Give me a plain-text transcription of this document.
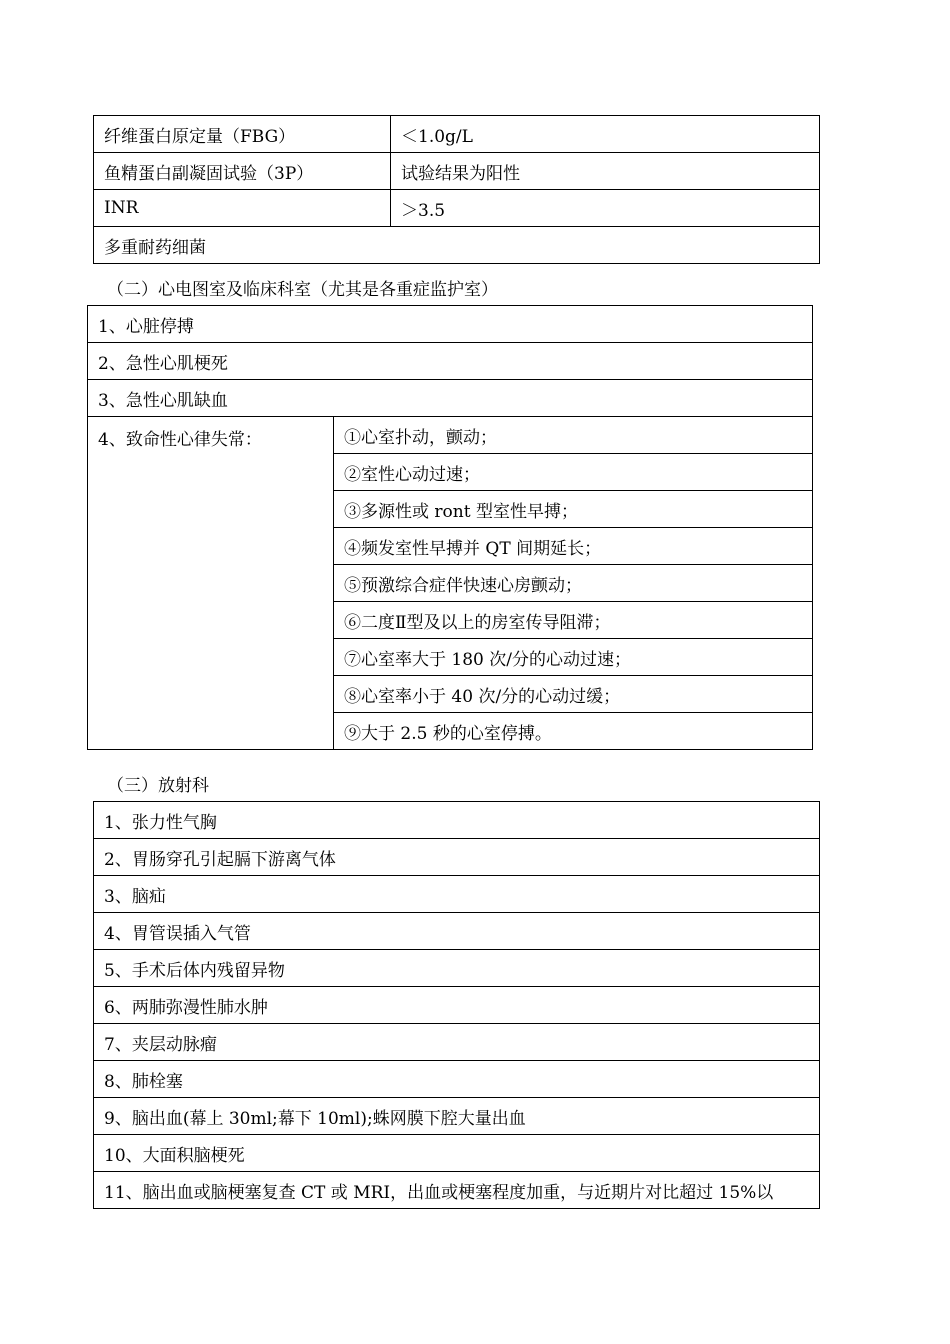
纤维蛋白原定量（FBG）	＜1.0g/L
鱼精蛋白副凝固试验（3P）	试验结果为阳性
INR	＞3.5
多重耐药细菌	
（二）心电图室及临床科室（尤其是各重症监护室）
1、心脏停搏
2、急性心肌梗死
3、急性心肌缺血
4、致命性心律失常：	①心室扑动，颤动；
②室性心动过速；
③多源性或 ront 型室性早搏；
④频发室性早搏并 QT 间期延长；
⑤预激综合症伴快速心房颤动；
⑥二度Ⅱ型及以上的房室传导阻滞；
⑦心室率大于 180 次/分的心动过速；
⑧心室率小于 40 次/分的心动过缓；
⑨大于 2.5 秒的心室停搏。
（三）放射科
1、张力性气胸
2、胃肠穿孔引起膈下游离气体
3、脑疝
4、胃管误插入气管
5、手术后体内残留异物
6、两肺弥漫性肺水肿
7、夹层动脉瘤
8、肺栓塞
9、脑出血(幕上 30ml;幕下 10ml);蛛网膜下腔大量出血
10、大面积脑梗死
11、脑出血或脑梗塞复查 CT 或 MRI，出血或梗塞程度加重，与近期片对比超过 15%以
